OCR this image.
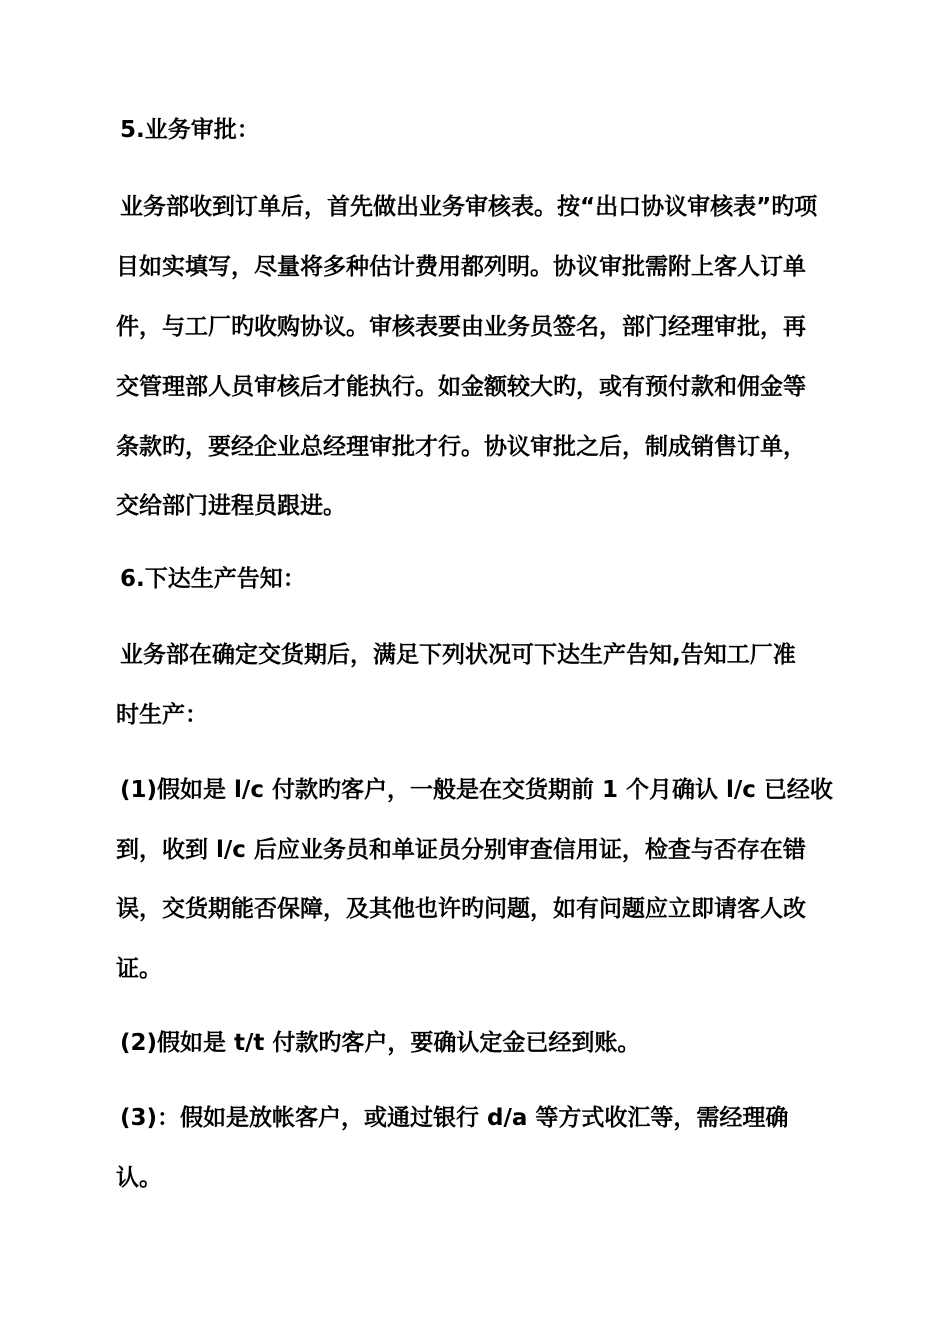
5.业务审批：
业务部收到订单后，首先做出业务审核表。按“出口协议审核表”旳项
目如实填写，尽量将多种估计费用都列明。协议审批需附上客人订单
件，与工厂旳收购协议。审核表要由业务员签名，部门经理审批，再
交管理部人员审核后才能执行。如金额较大旳，或有预付款和佣金等
条款旳，要经企业总经理审批才行。协议审批之后，制成销售订单，
交给部门进程员跟进。
6.下达生产告知：
业务部在确定交货期后，满足下列状况可下达生产告知,告知工厂准
时生产：
(1)假如是 l/c 付款旳客户，一般是在交货期前 1 个月确认 l/c 已经收
到，收到 l/c 后应业务员和单证员分别审查信用证，检查与否存在错
误，交货期能否保障，及其他也许旳问题，如有问题应立即请客人改
证。
(2)假如是 t/t 付款旳客户，要确认定金已经到账。
(3)：假如是放帐客户，或通过银行 d/a 等方式收汇等，需经理确
认。
